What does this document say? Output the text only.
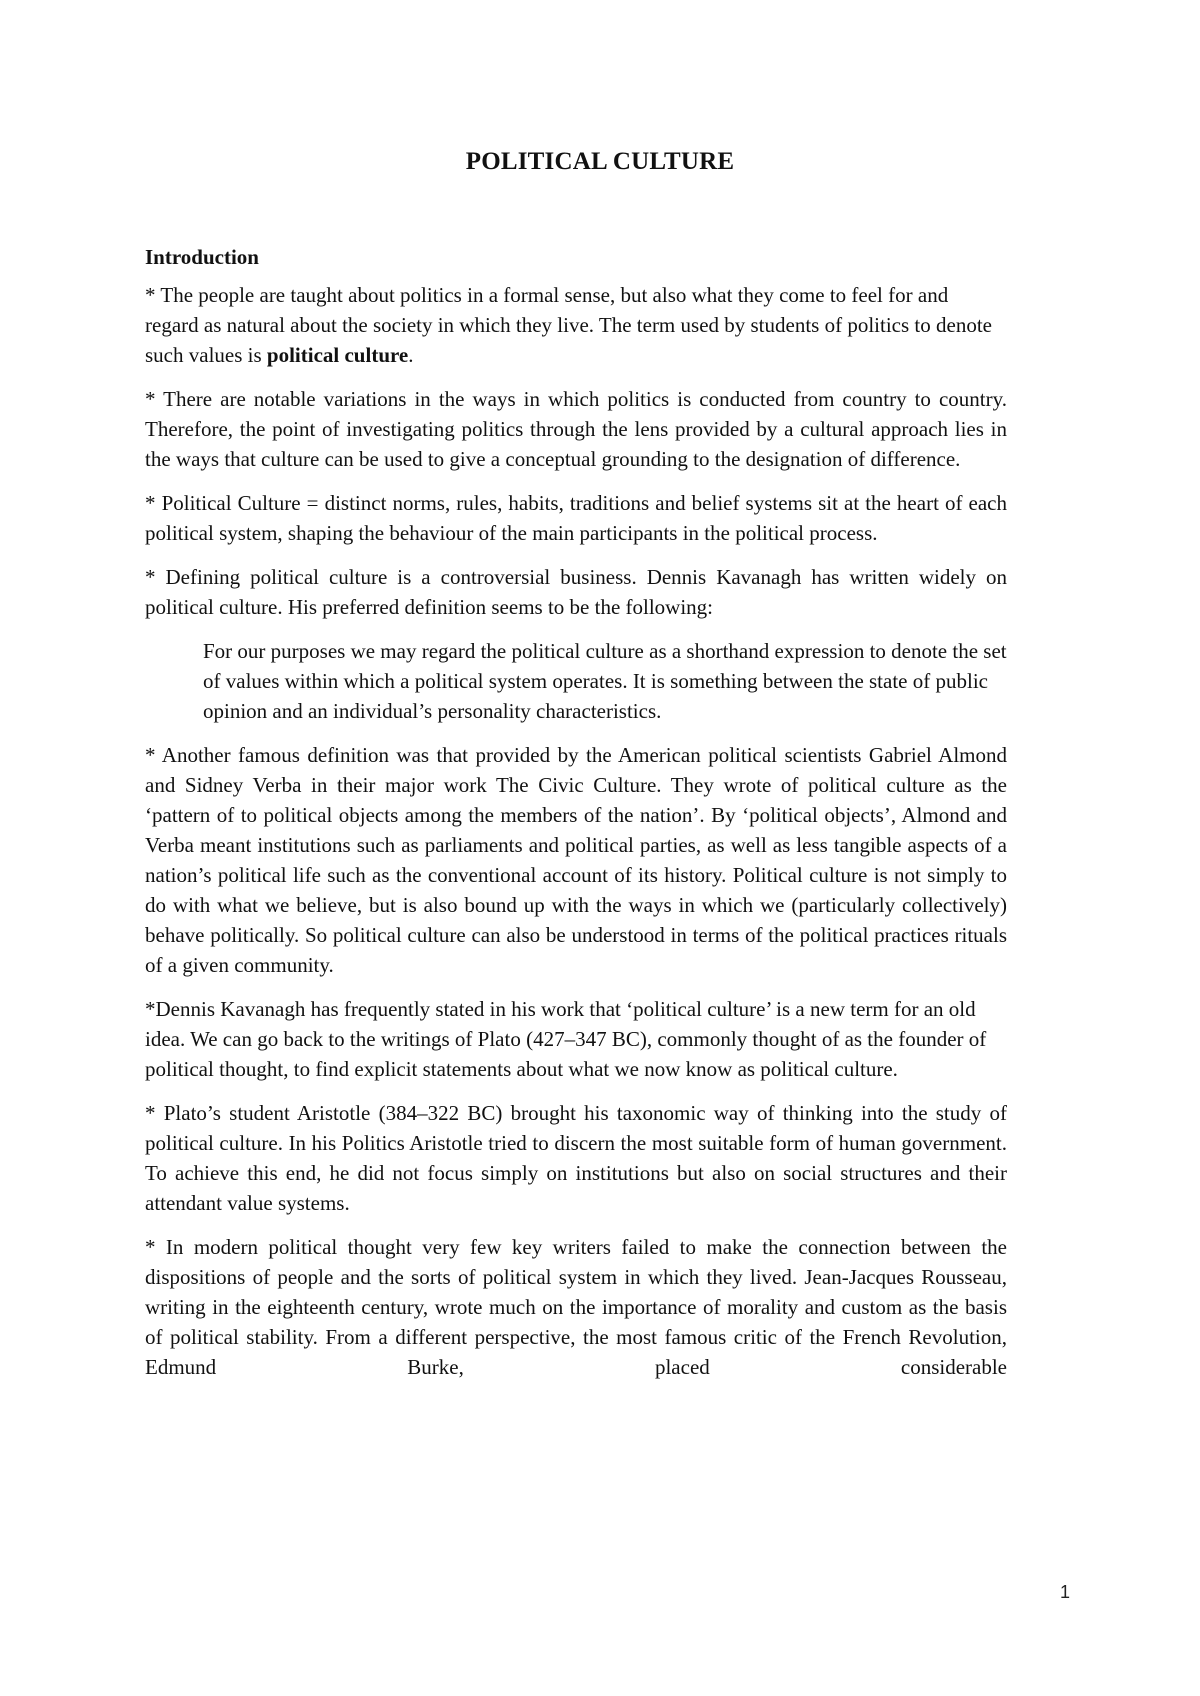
POLITICAL CULTURE

Introduction

* The people are taught about politics in a formal sense, but also what they come to feel for and regard as natural about the society in which they live. The term used by students of politics to denote such values is political culture.

* There are notable variations in the ways in which politics is conducted from country to country. Therefore, the point of investigating politics through the lens provided by a cultural approach lies in the ways that culture can be used to give a conceptual grounding to the designation of difference.

* Political Culture = distinct norms, rules, habits, traditions and belief systems sit at the heart of each political system, shaping the behaviour of the main participants in the political process.

* Defining political culture is a controversial business. Dennis Kavanagh has written widely on political culture. His preferred definition seems to be the following:

For our purposes we may regard the political culture as a shorthand expression to denote the set of values within which a political system operates. It is something between the state of public opinion and an individual’s personality characteristics.

* Another famous definition was that provided by the American political scientists Gabriel Almond and Sidney Verba in their major work The Civic Culture. They wrote of political culture as the ‘pattern of to political objects among the members of the nation’. By ‘political objects’, Almond and Verba meant institutions such as parliaments and political parties, as well as less tangible aspects of a nation’s political life such as the conventional account of its history. Political culture is not simply to do with what we believe, but is also bound up with the ways in which we (particularly collectively) behave politically. So political culture can also be understood in terms of the political practices rituals of a given community.

*Dennis Kavanagh has frequently stated in his work that ‘political culture’ is a new term for an old idea. We can go back to the writings of Plato (427–347 BC), commonly thought of as the founder of political thought, to find explicit statements about what we now know as political culture.

* Plato’s student Aristotle (384–322 BC) brought his taxonomic way of thinking into the study of political culture. In his Politics Aristotle tried to discern the most suitable form of human government. To achieve this end, he did not focus simply on institutions but also on social structures and their attendant value systems.

* In modern political thought very few key writers failed to make the connection between the dispositions of people and the sorts of political system in which they lived. Jean-Jacques Rousseau, writing in the eighteenth century, wrote much on the importance of morality and custom as the basis of political stability. From a different perspective, the most famous critic of the French Revolution, Edmund Burke, placed considerable

1
